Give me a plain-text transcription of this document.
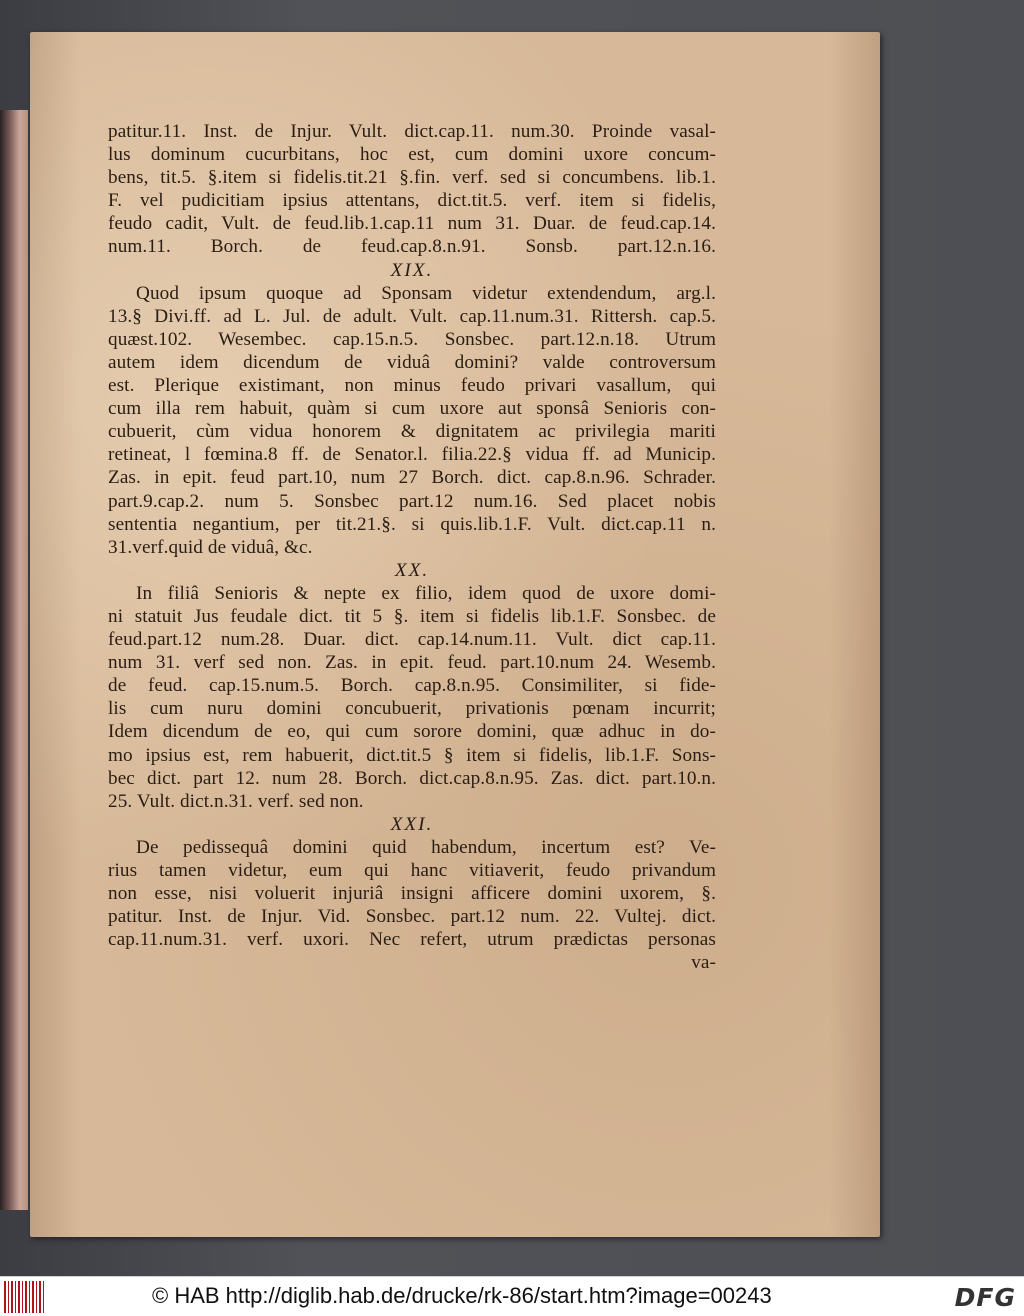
patitur.11. Inst. de Injur. Vult. dict.cap.11. num.30. Proinde vasal-
lus dominum cucurbitans, hoc est, cum domini uxore concum-
bens, tit.5. §.item si fidelis.tit.21 §.fin. verf. sed si concumbens. lib.1.
F. vel pudicitiam ipsius attentans, dict.tit.5. verf. item si fidelis,
feudo cadit, Vult. de feud.lib.1.cap.11 num 31. Duar. de feud.cap.14.
num.11. Borch. de feud.cap.8.n.91. Sonsb. part.12.n.16.
XIX.
Quod ipsum quoque ad Sponsam videtur extendendum, arg.l.
13.§ Divi.ff. ad L. Jul. de adult. Vult. cap.11.num.31. Rittersh. cap.5.
quæst.102. Wesembec. cap.15.n.5. Sonsbec. part.12.n.18. Utrum
autem idem dicendum de viduâ domini? valde controversum
est. Plerique existimant, non minus feudo privari vasallum, qui
cum illa rem habuit, quàm si cum uxore aut sponsâ Senioris con-
cubuerit, cùm vidua honorem & dignitatem ac privilegia mariti
retineat, l fœmina.8 ff. de Senator.l. filia.22.§ vidua ff. ad Municip.
Zas. in epit. feud part.10, num 27 Borch. dict. cap.8.n.96. Schrader.
part.9.cap.2. num 5. Sonsbec part.12 num.16. Sed placet nobis
sententia negantium, per tit.21.§. si quis.lib.1.F. Vult. dict.cap.11 n.
31.verf.quid de viduâ, &c.
XX.
In filiâ Senioris & nepte ex filio, idem quod de uxore domi-
ni statuit Jus feudale dict. tit 5 §. item si fidelis lib.1.F. Sonsbec. de
feud.part.12 num.28. Duar. dict. cap.14.num.11. Vult. dict cap.11.
num 31. verf sed non. Zas. in epit. feud. part.10.num 24. Wesemb.
de feud. cap.15.num.5. Borch. cap.8.n.95. Consimiliter, si fide-
lis cum nuru domini concubuerit, privationis pœnam incurrit;
Idem dicendum de eo, qui cum sorore domini, quæ adhuc in do-
mo ipsius est, rem habuerit, dict.tit.5 § item si fidelis, lib.1.F. Sons-
bec dict. part 12. num 28. Borch. dict.cap.8.n.95. Zas. dict. part.10.n.
25. Vult. dict.n.31. verf. sed non.
XXI.
De pedissequâ domini quid habendum, incertum est? Ve-
rius tamen videtur, eum qui hanc vitiaverit, feudo privandum
non esse, nisi voluerit injuriâ insigni afficere domini uxorem, §.
patitur. Inst. de Injur. Vid. Sonsbec. part.12 num. 22. Vultej. dict.
cap.11.num.31. verf. uxori. Nec refert, utrum prædictas personas
va-
© HAB http://diglib.hab.de/drucke/rk-86/start.htm?image=00243	DFG
